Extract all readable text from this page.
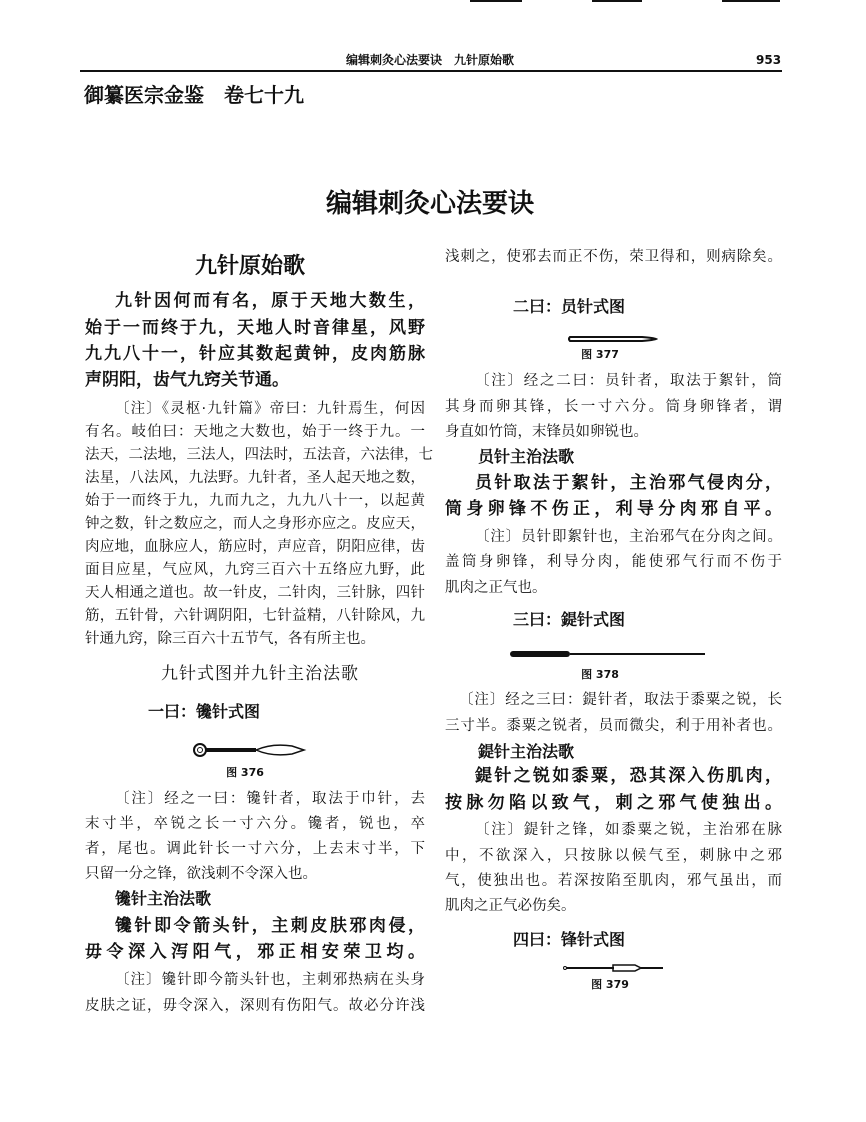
编辑刺灸心法要诀　九针原始歌	953
御纂医宗金鉴　卷七十九
编辑刺灸心法要诀
九针原始歌
九针因何而有名，原于天地大数生，
始于一而终于九，天地人时音律星，风野
九九八十一，针应其数起黄钟，皮肉筋脉
声阴阳，齿气九窍关节通。
〔注〕《灵枢·九针篇》帝曰：九针焉生，何因
有名。岐伯曰：天地之大数也，始于一终于九。一
法天，二法地，三法人，四法时，五法音，六法律，七
法星，八法风，九法野。九针者，圣人起天地之数，
始于一而终于九，九而九之，九九八十一，以起黄
钟之数，针之数应之，而人之身形亦应之。皮应天，
肉应地，血脉应人，筋应时，声应音，阴阳应律，齿
面目应星，气应风，九窍三百六十五络应九野，此
天人相通之道也。故一针皮，二针肉，三针脉，四针
筋，五针骨，六针调阴阳，七针益精，八针除风，九
针通九窍，除三百六十五节气，各有所主也。
九针式图并九针主治法歌
一曰：镵针式图
图 376
〔注〕经之一曰：镵针者，取法于巾针，去
末寸半，卒锐之长一寸六分。镵者，锐也，卒
者，尾也。调此针长一寸六分，上去末寸半，下
只留一分之锋，欲浅刺不令深入也。
镵针主治法歌
镵针即令箭头针，主刺皮肤邪肉侵，
毋令深入泻阳气，邪正相安荣卫均。
〔注〕镵针即今箭头针也，主刺邪热病在头身
皮肤之证，毋令深入，深则有伤阳气。故必分许浅
浅刺之，使邪去而正不伤，荣卫得和，则病除矣。
二曰：员针式图
图 377
〔注〕经之二曰：员针者，取法于絮针，筒
其身而卵其锋，长一寸六分。筒身卵锋者，谓
身直如竹筒，末锋员如卵锐也。
员针主治法歌
员针取法于絮针，主治邪气侵肉分，
筒身卵锋不伤正，利导分肉邪自平。
〔注〕员针即絮针也，主治邪气在分肉之间。
盖筒身卵锋，利导分肉，能使邪气行而不伤于
肌肉之正气也。
三曰：鍉针式图
图 378
〔注〕经之三曰：鍉针者，取法于黍粟之锐，长
三寸半。黍粟之锐者，员而微尖，利于用补者也。
鍉针主治法歌
鍉针之锐如黍粟，恐其深入伤肌肉，
按脉勿陷以致气，刺之邪气使独出。
〔注〕鍉针之锋，如黍粟之锐，主治邪在脉
中，不欲深入，只按脉以候气至，刺脉中之邪
气，使独出也。若深按陷至肌肉，邪气虽出，而
肌肉之正气必伤矣。
四曰：锋针式图
图 379
